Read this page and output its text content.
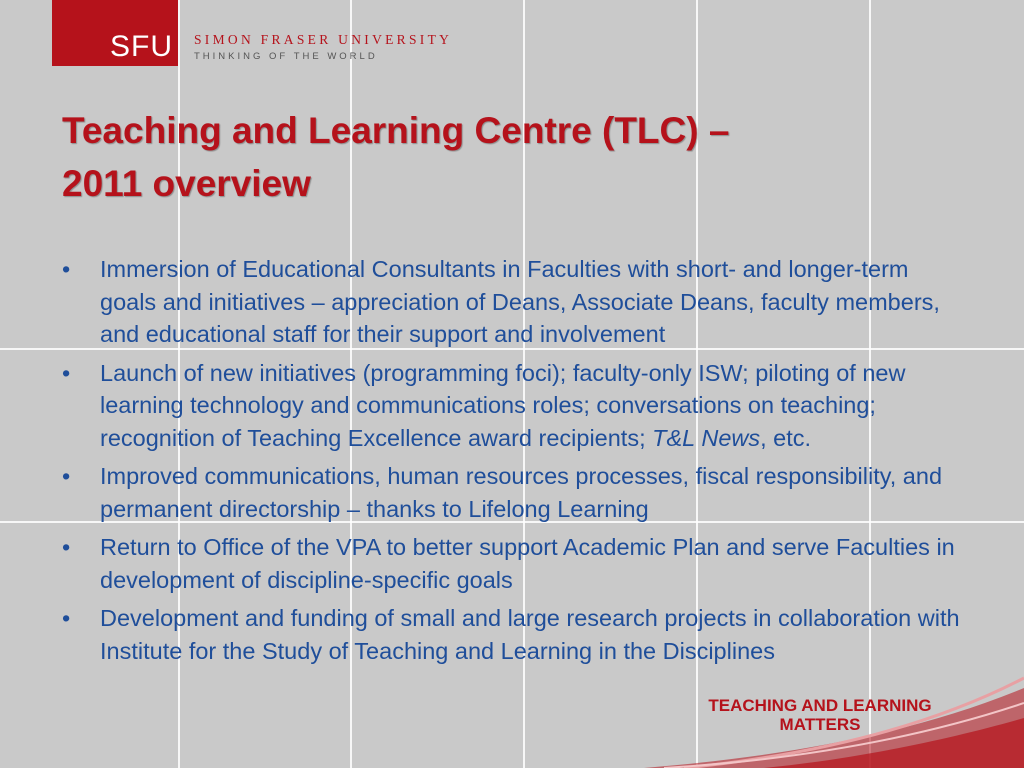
SFU SIMON FRASER UNIVERSITY
THINKING OF THE WORLD
Teaching and Learning Centre (TLC) –
2011 overview
• Immersion of Educational Consultants in Faculties with short- and longer-term goals and initiatives – appreciation of Deans, Associate Deans, faculty members, and educational staff for their support and involvement
• Launch of new initiatives (programming foci); faculty-only ISW; piloting of new learning technology and communications roles; conversations on teaching; recognition of Teaching Excellence award recipients; T&L News, etc.
• Improved communications, human resources processes, fiscal responsibility, and permanent directorship – thanks to Lifelong Learning
• Return to Office of the VPA to better support Academic Plan and serve Faculties in development of discipline-specific goals
• Development and funding of small and large research projects in collaboration with Institute for the Study of Teaching and Learning in the Disciplines
TEACHING AND LEARNING
MATTERS
